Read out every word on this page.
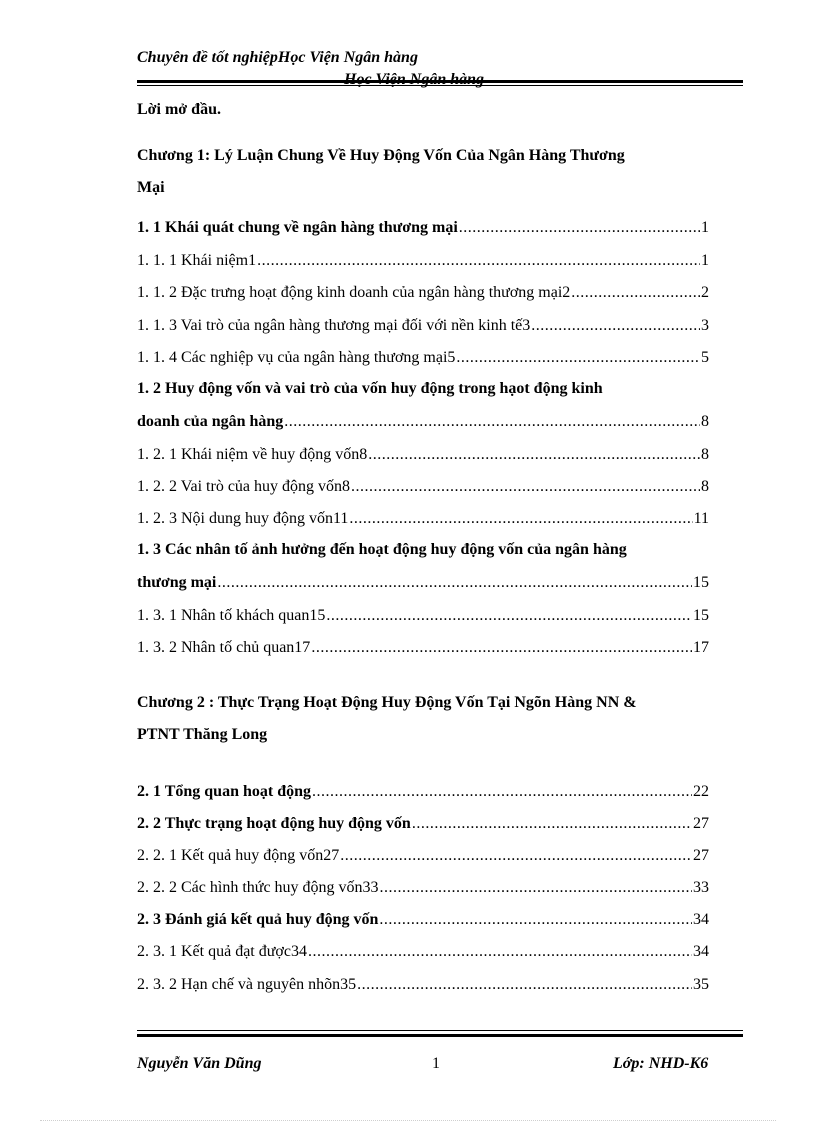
Chuyên đề tốt nghiệpHọc Viện Ngân hàng
Lời mở đầu.
Chương 1: Lý Luận Chung Về Huy Động Vốn Của Ngân Hàng Thương
Mại
1. 1 Khái quát chung về ngân hàng thương mại .....	1
1. 1. 1 Khái niệm1 .....	1
1. 1. 2 Đặc trưng hoạt động kinh doanh của ngân hàng thương mại2 .....	2
1. 1. 3 Vai trò của ngân hàng thương mại đối với nền kinh tế3 .....	3
1. 1. 4 Các nghiệp vụ của ngân hàng thương mại5 .....	5
1. 2 Huy động vốn và vai trò của vốn huy động trong hạot động kinh
doanh của ngân hàng .....	8
1. 2. 1 Khái niệm về huy động vốn8 .....	8
1. 2. 2 Vai trò của huy động vốn8 .....	8
1. 2. 3 Nội dung huy động vốn11 .....	11
1. 3 Các nhân tố ảnh hưởng đến hoạt động huy động vốn của ngân hàng
thương mại .....	15
1. 3. 1 Nhân tố khách quan15 .....	15
1. 3. 2 Nhân tố chủ quan17 .....	17
Chương 2 : Thực Trạng Hoạt Động Huy Động Vốn Tại Ngõn Hàng NN &
PTNT Thăng Long
2. 1 Tổng quan hoạt động .....	22
2. 2 Thực trạng hoạt động huy động vốn .....	27
2. 2. 1 Kết quả huy động vốn27 .....	27
2. 2. 2 Các hình thức huy động vốn33 .....	33
2. 3 Đánh giá kết quả huy động vốn .....	34
2. 3. 1 Kết quả đạt được34 .....	34
2. 3. 2 Hạn chế và nguyên nhõn35 .....	35
Nguyễn Văn Dũng	1	Lớp: NHD-K6
